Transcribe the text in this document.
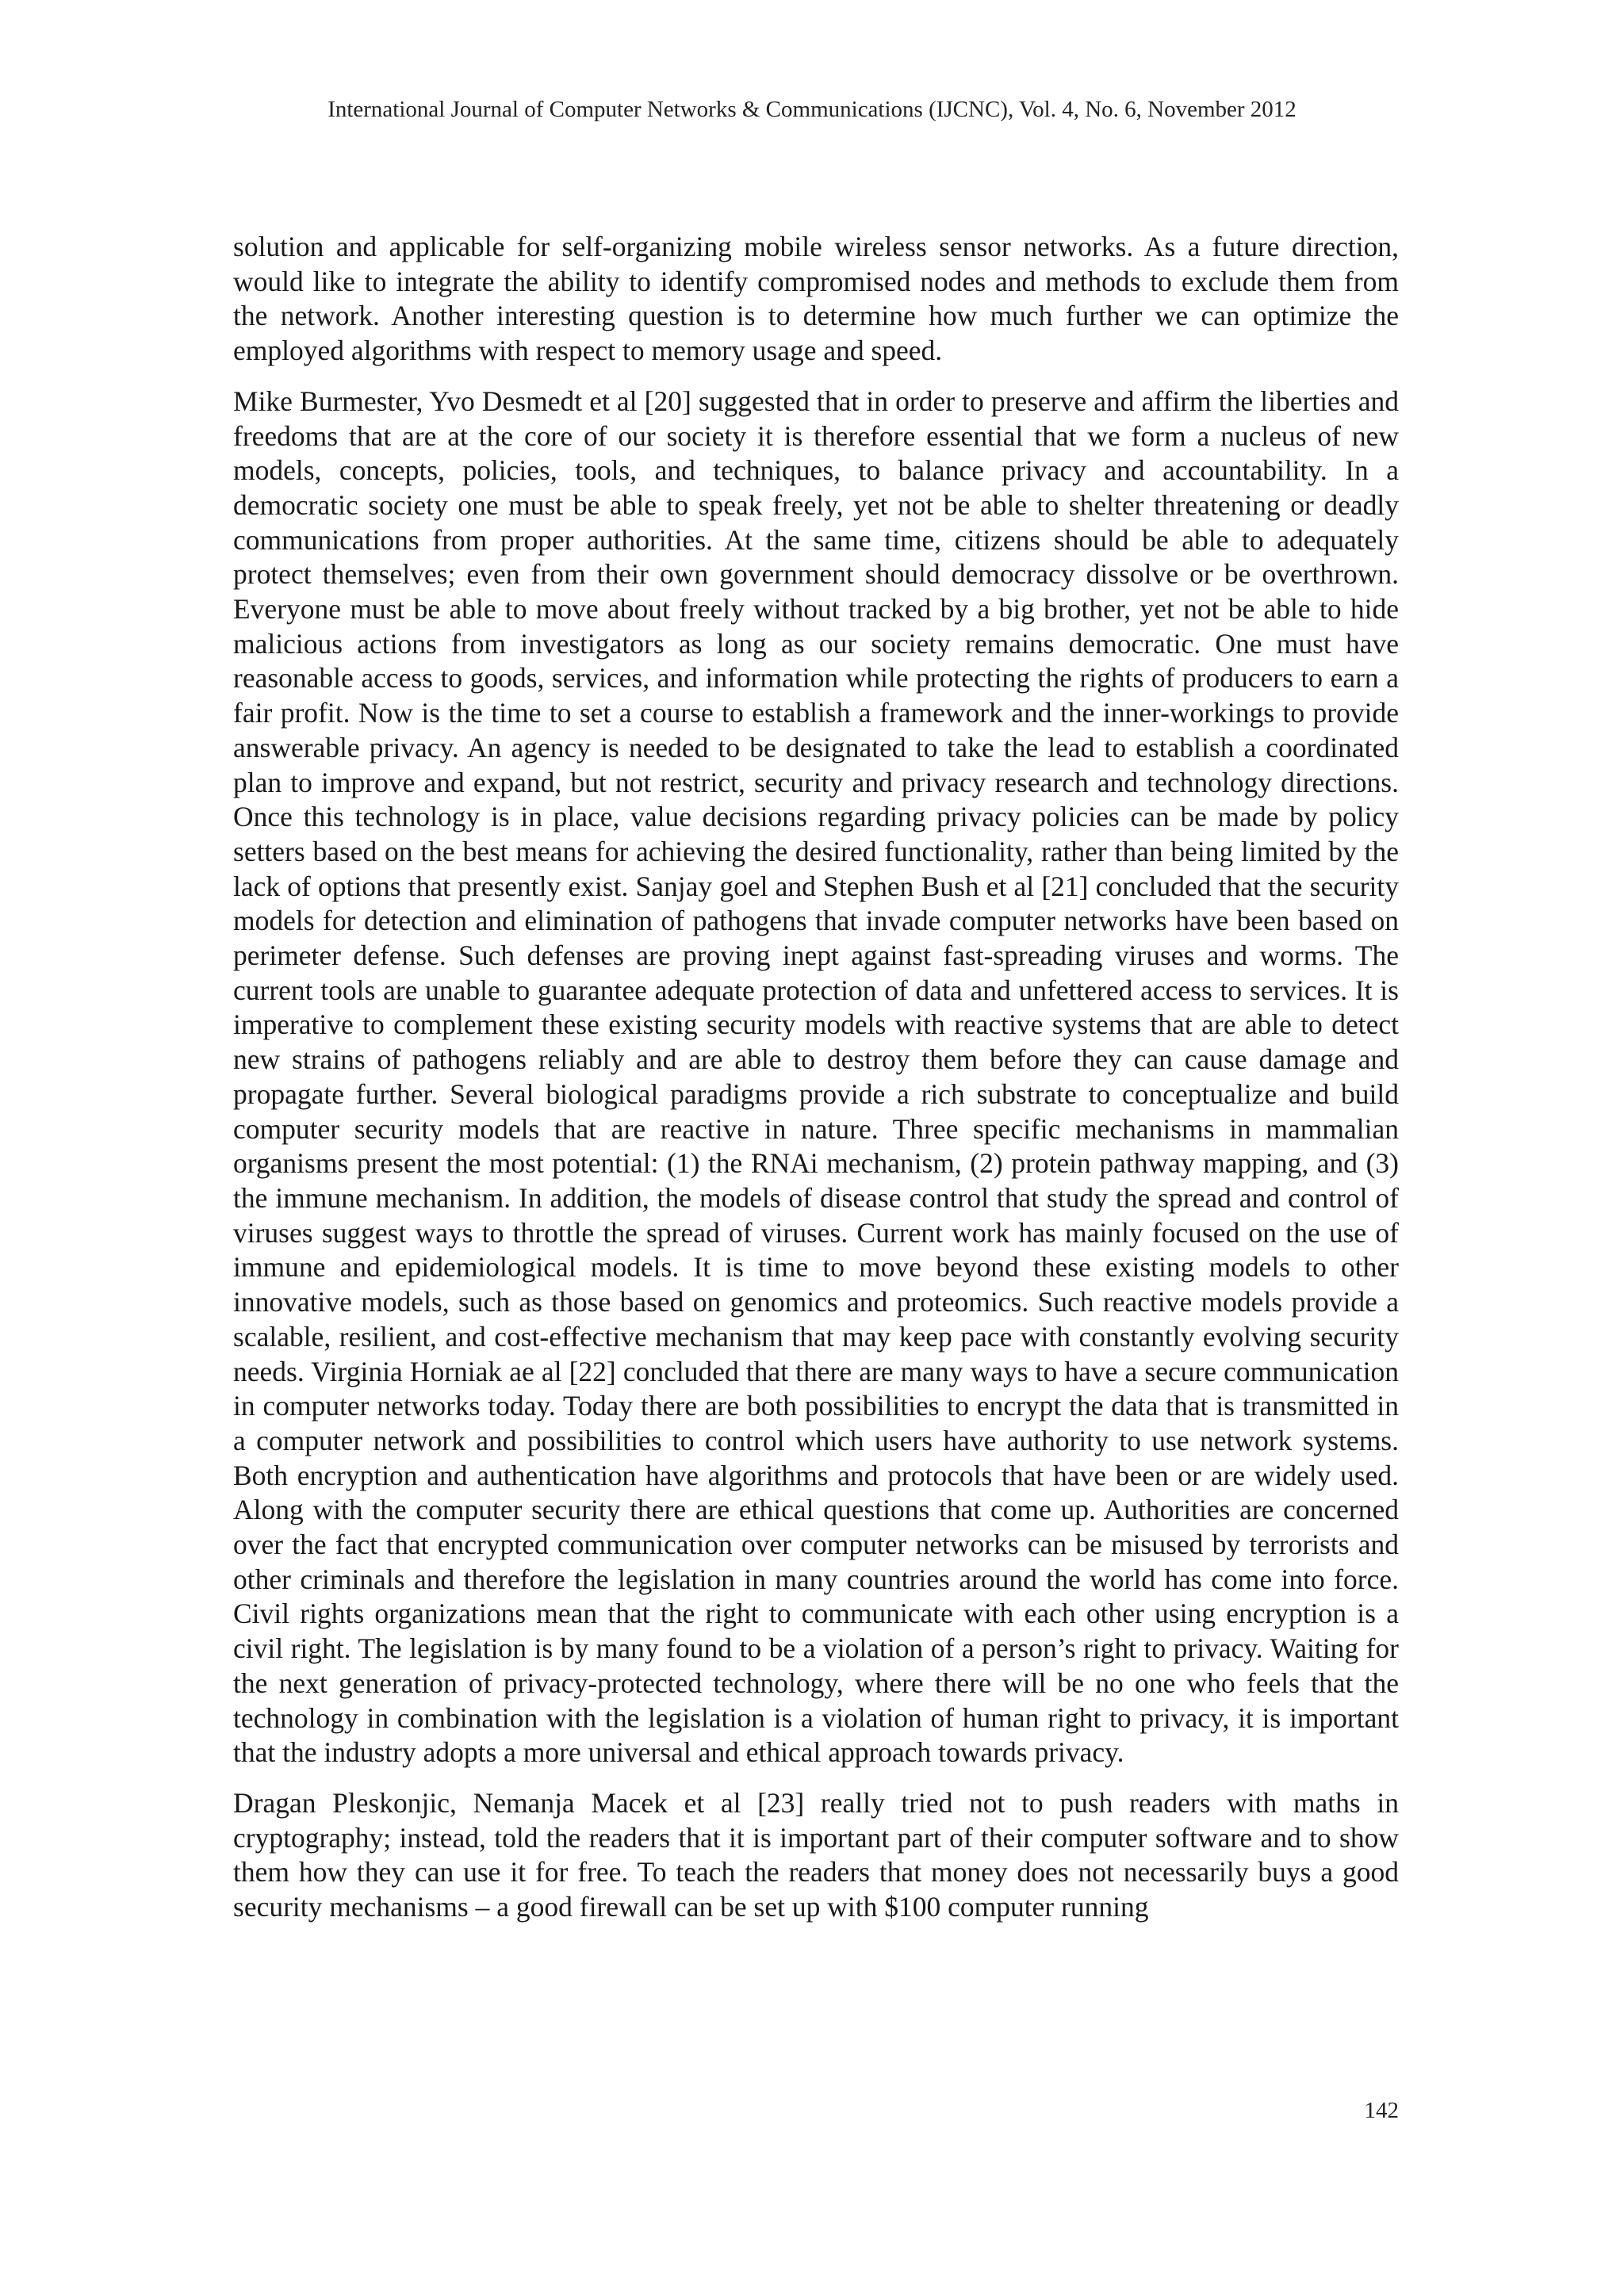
International Journal of Computer Networks & Communications (IJCNC), Vol. 4, No. 6, November 2012

solution and applicable for self-organizing mobile wireless sensor networks. As a future direction, would like to integrate the ability to identify compromised nodes and methods to exclude them from the network. Another interesting question is to determine how much further we can optimize the employed algorithms with respect to memory usage and speed.

Mike Burmester, Yvo Desmedt et al [20] suggested that in order to preserve and affirm the liberties and freedoms that are at the core of our society it is therefore essential that we form a nucleus of new models, concepts, policies, tools, and techniques, to balance privacy and accountability. In a democratic society one must be able to speak freely, yet not be able to shelter threatening or deadly communications from proper authorities. At the same time, citizens should be able to adequately protect themselves; even from their own government should democracy dissolve or be overthrown. Everyone must be able to move about freely without tracked by a big brother, yet not be able to hide malicious actions from investigators as long as our society remains democratic. One must have reasonable access to goods, services, and information while protecting the rights of producers to earn a fair profit. Now is the time to set a course to establish a framework and the inner-workings to provide answerable privacy. An agency is needed to be designated to take the lead to establish a coordinated plan to improve and expand, but not restrict, security and privacy research and technology directions. Once this technology is in place, value decisions regarding privacy policies can be made by policy setters based on the best means for achieving the desired functionality, rather than being limited by the lack of options that presently exist. Sanjay goel and Stephen Bush et al [21] concluded that the security models for detection and elimination of pathogens that invade computer networks have been based on perimeter defense. Such defenses are proving inept against fast-spreading viruses and worms. The current tools are unable to guarantee adequate protection of data and unfettered access to services. It is imperative to complement these existing security models with reactive systems that are able to detect new strains of pathogens reliably and are able to destroy them before they can cause damage and propagate further. Several biological paradigms provide a rich substrate to conceptualize and build computer security models that are reactive in nature. Three specific mechanisms in mammalian organisms present the most potential: (1) the RNAi mechanism, (2) protein pathway mapping, and (3) the immune mechanism. In addition, the models of disease control that study the spread and control of viruses suggest ways to throttle the spread of viruses. Current work has mainly focused on the use of immune and epidemiological models. It is time to move beyond these existing models to other innovative models, such as those based on genomics and proteomics. Such reactive models provide a scalable, resilient, and cost-effective mechanism that may keep pace with constantly evolving security needs. Virginia Horniak ae al [22] concluded that there are many ways to have a secure communication in computer networks today. Today there are both possibilities to encrypt the data that is transmitted in a computer network and possibilities to control which users have authority to use network systems. Both encryption and authentication have algorithms and protocols that have been or are widely used. Along with the computer security there are ethical questions that come up. Authorities are concerned over the fact that encrypted communication over computer networks can be misused by terrorists and other criminals and therefore the legislation in many countries around the world has come into force. Civil rights organizations mean that the right to communicate with each other using encryption is a civil right. The legislation is by many found to be a violation of a person’s right to privacy. Waiting for the next generation of privacy-protected technology, where there will be no one who feels that the technology in combination with the legislation is a violation of human right to privacy, it is important that the industry adopts a more universal and ethical approach towards privacy.

Dragan Pleskonjic, Nemanja Macek et al [23] really tried not to push readers with maths in cryptography; instead, told the readers that it is important part of their computer software and to show them how they can use it for free. To teach the readers that money does not necessarily buys a good security mechanisms – a good firewall can be set up with $100 computer running

142
